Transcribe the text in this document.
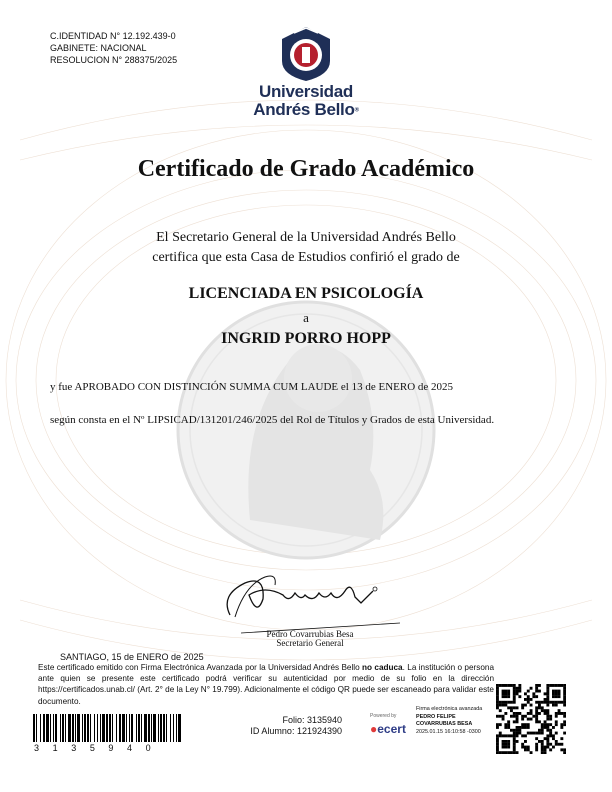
C.IDENTIDAD N° 12.192.439-0
GABINETE: NACIONAL
RESOLUCION N° 288375/2025
Universidad
Andrés Bello®
Certificado de Grado Académico
El Secretario General de la Universidad Andrés Bello
certifica que esta Casa de Estudios confirió el grado de
LICENCIADA EN PSICOLOGÍA
a
INGRID PORRO HOPP
y fue APROBADO CON DISTINCIÓN SUMMA CUM LAUDE el 13 de ENERO de 2025
según consta en el Nº LIPSICAD/131201/246/2025 del Rol de Títulos y Grados de esta Universidad.
Pedro Covarrubias Besa
Secretario General
SANTIAGO, 15 de ENERO de 2025
Este certificado emitido con Firma Electrónica Avanzada por la Universidad Andrés Bello no caduca. La institución o persona ante quien se presente este certificado podrá verificar su autenticidad por medio de su folio en la dirección https://certificados.unab.cl/ (Art. 2° de la Ley N° 19.799). Adicionalmente el código QR puede ser escaneado para validar este documento.
3135940
Folio: 3135940
ID Alumno: 121924390
Powered by
●ecert
Firma electrónica avanzada
PEDRO FELIPE
COVARRUBIAS BESA
2025.01.15 16:10:58 -0300
